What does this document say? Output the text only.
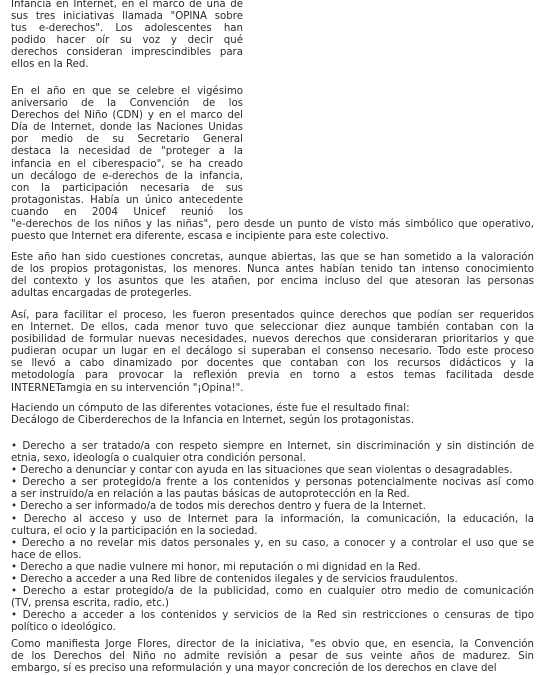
Infancia en Internet, en el marco de una de
sus tres iniciativas llamada "OPINA sobre
tus e-derechos". Los adolescentes han
podido hacer oír su voz y decir qué
derechos consideran imprescindibles para
ellos en la Red.
En el año en que se celebre el vigésimo
aniversario de la Convención de los
Derechos del Niño (CDN) y en el marco del
Día de Internet, donde las Naciones Unidas
por medio de su Secretario General
destaca la necesidad de "proteger a la
infancia en el ciberespacio", se ha creado
un decálogo de e-derechos de la infancia,
con la participación necesaria de sus
protagonistas. Había un único antecedente
cuando en 2004 Unicef reunió los
"e-derechos de los niños y las niñas", pero desde un punto de visto más simbólico que operativo,
puesto que Internet era diferente, escasa e incipiente para este colectivo.
Este año han sido cuestiones concretas, aunque abiertas, las que se han sometido a la valoración
de los propios protagonistas, los menores. Nunca antes habían tenido tan intenso conocimiento
del contexto y los asuntos que les atañen, por encima incluso del que atesoran las personas
adultas encargadas de protegerles.
Así, para facilitar el proceso, les fueron presentados quince derechos que podían ser requeridos
en Internet. De ellos, cada menor tuvo que seleccionar diez aunque también contaban con la
posibilidad de formular nuevas necesidades, nuevos derechos que consideraran prioritarios y que
pudieran ocupar un lugar en el decálogo si superaban el consenso necesario. Todo este proceso
se llevó a cabo dinamizado por docentes que contaban con los recursos didácticos y la
metodología para provocar la reflexión previa en torno a estos temas facilitada desde
INTERNETamgia en su intervención "¡Opina!".
Haciendo un cómputo de las diferentes votaciones, éste fue el resultado final:
Decálogo de Ciberderechos de la Infancia en Internet, según los protagonistas.
• Derecho a ser tratado/a con respeto siempre en Internet, sin discriminación y sin distinción de
etnia, sexo, ideología o cualquier otra condición personal.
• Derecho a denunciar y contar con ayuda en las situaciones que sean violentas o desagradables.
• Derecho a ser protegido/a frente a los contenidos y personas potencialmente nocivas así como
a ser instruido/a en relación a las pautas básicas de autoprotección en la Red.
• Derecho a ser informado/a de todos mis derechos dentro y fuera de la Internet.
• Derecho al acceso y uso de Internet para la información, la comunicación, la educación, la
cultura, el ocio y la participación en la sociedad.
• Derecho a no revelar mis datos personales y, en su caso, a conocer y a controlar el uso que se
hace de ellos.
• Derecho a que nadie vulnere mi honor, mi reputación o mi dignidad en la Red.
• Derecho a acceder a una Red libre de contenidos ilegales y de servicios fraudulentos.
• Derecho a estar protegido/a de la publicidad, como en cualquier otro medio de comunicación
(TV, prensa escrita, radio, etc.)
• Derecho a acceder a los contenidos y servicios de la Red sin restricciones o censuras de tipo
político o ideológico.
Como manifiesta Jorge Flores, director de la iniciativa, "es obvio que, en esencia, la Convención
de los Derechos del Niño no admite revisión a pesar de sus veinte años de madurez. Sin
embargo, sí es preciso una reformulación y una mayor concreción de los derechos en clave del
